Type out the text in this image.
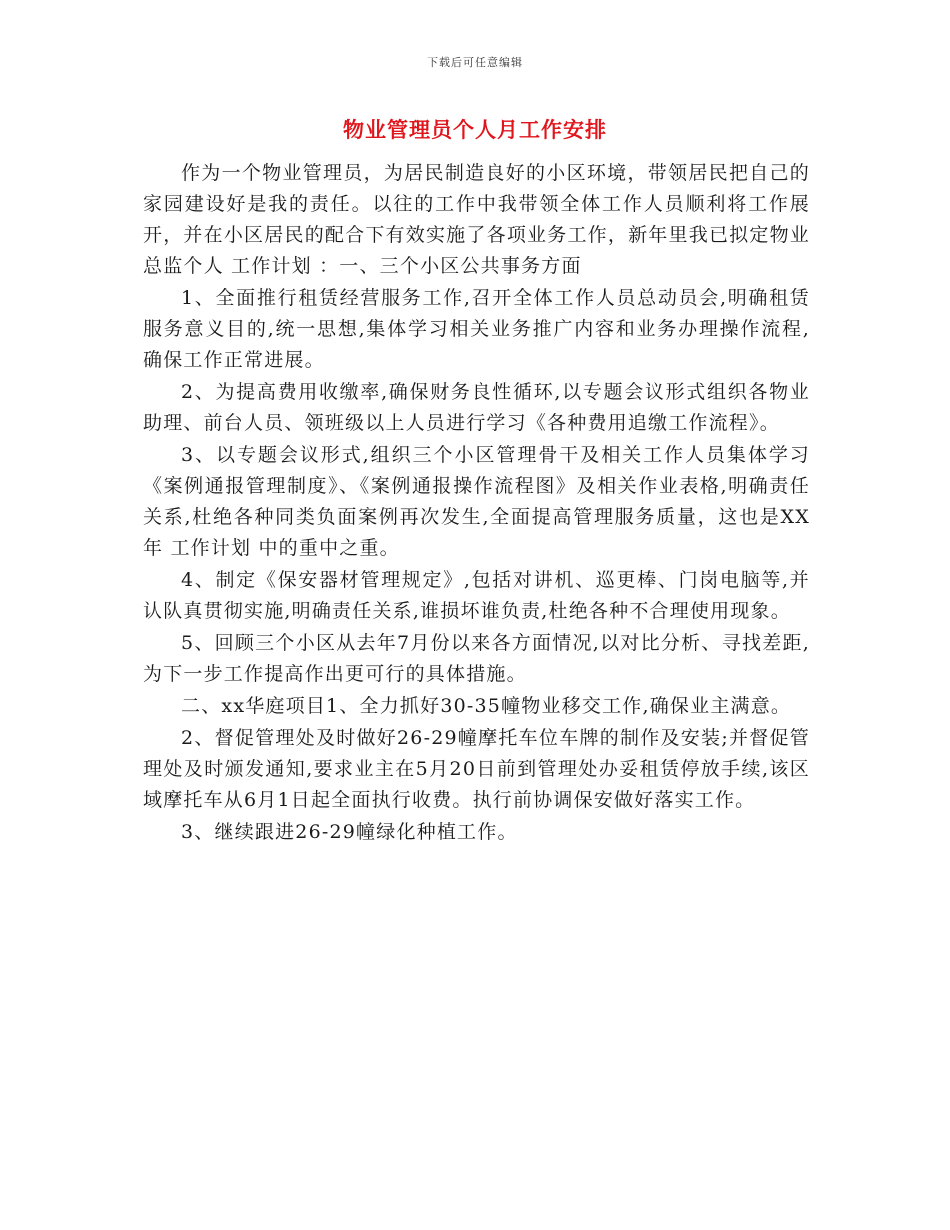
下载后可任意编辑
物业管理员个人月工作安排

作为一个物业管理员，为居民制造良好的小区环境，带领居民把自己的家园建设好是我的责任。以往的工作中我带领全体工作人员顺利将工作展开，并在小区居民的配合下有效实施了各项业务工作，新年里我已拟定物业总监个人 工作计划 ：一、三个小区公共事务方面

1、全面推行租赁经营服务工作,召开全体工作人员总动员会,明确租赁服务意义目的,统一思想,集体学习相关业务推广内容和业务办理操作流程,确保工作正常进展。

2、为提高费用收缴率,确保财务良性循环,以专题会议形式组织各物业助理、前台人员、领班级以上人员进行学习《各种费用追缴工作流程》。

3、以专题会议形式,组织三个小区管理骨干及相关工作人员集体学习《案例通报管理制度》、《案例通报操作流程图》及相关作业表格,明确责任关系,杜绝各种同类负面案例再次发生,全面提高管理服务质量，这也是XX年 工作计划 中的重中之重。

4、制定《保安器材管理规定》,包括对讲机、巡更棒、门岗电脑等,并认队真贯彻实施,明确责任关系,谁损坏谁负责,杜绝各种不合理使用现象。

5、回顾三个小区从去年7月份以来各方面情况,以对比分析、寻找差距,为下一步工作提高作出更可行的具体措施。

二、xx华庭项目1、全力抓好30-35幢物业移交工作,确保业主满意。

2、督促管理处及时做好26-29幢摩托车位车牌的制作及安装;并督促管理处及时颁发通知,要求业主在5月20日前到管理处办妥租赁停放手续,该区域摩托车从6月1日起全面执行收费。执行前协调保安做好落实工作。

3、继续跟进26-29幢绿化种植工作。
